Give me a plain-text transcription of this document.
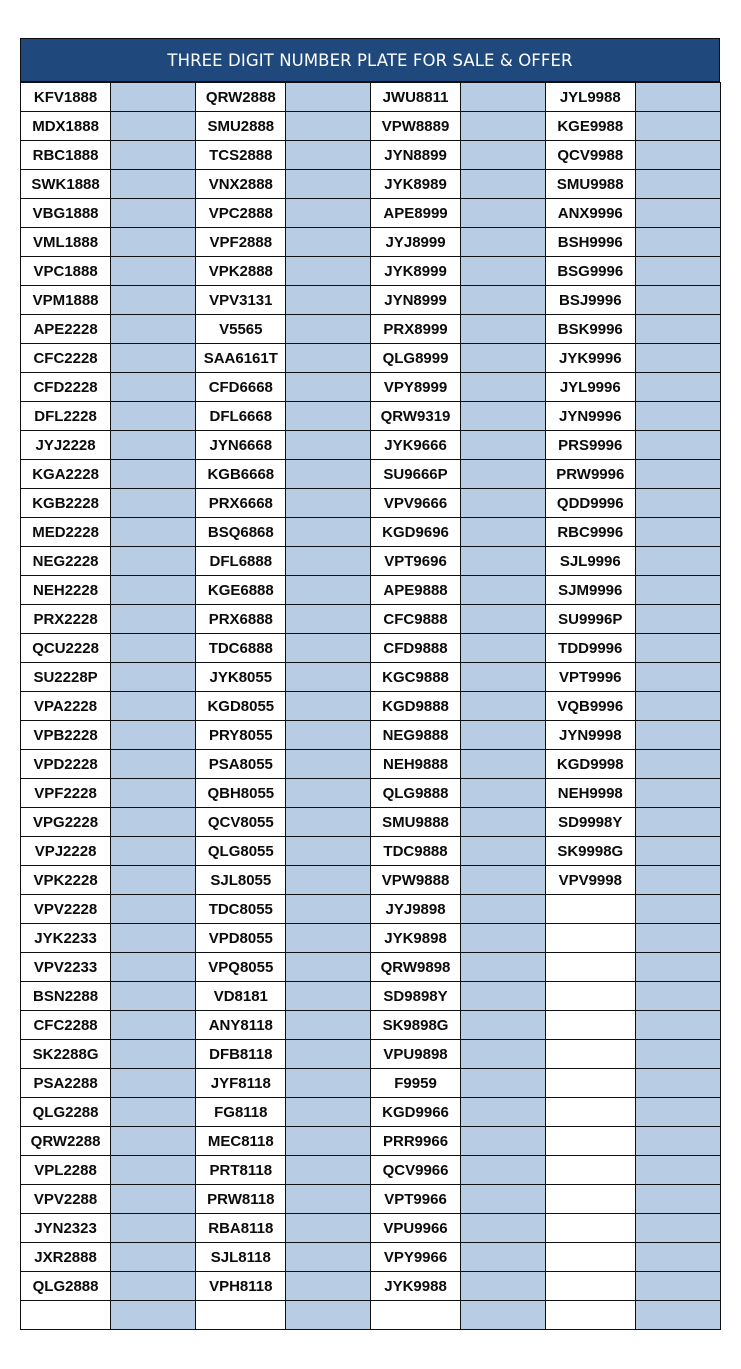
THREE DIGIT NUMBER PLATE FOR SALE & OFFER
KFV1888		QRW2888		JWU8811		JYL9988	
MDX1888		SMU2888		VPW8889		KGE9988	
RBC1888		TCS2888		JYN8899		QCV9988	
SWK1888		VNX2888		JYK8989		SMU9988	
VBG1888		VPC2888		APE8999		ANX9996	
VML1888		VPF2888		JYJ8999		BSH9996	
VPC1888		VPK2888		JYK8999		BSG9996	
VPM1888		VPV3131		JYN8999		BSJ9996	
APE2228		V5565		PRX8999		BSK9996	
CFC2228		SAA6161T		QLG8999		JYK9996	
CFD2228		CFD6668		VPY8999		JYL9996	
DFL2228		DFL6668		QRW9319		JYN9996	
JYJ2228		JYN6668		JYK9666		PRS9996	
KGA2228		KGB6668		SU9666P		PRW9996	
KGB2228		PRX6668		VPV9666		QDD9996	
MED2228		BSQ6868		KGD9696		RBC9996	
NEG2228		DFL6888		VPT9696		SJL9996	
NEH2228		KGE6888		APE9888		SJM9996	
PRX2228		PRX6888		CFC9888		SU9996P	
QCU2228		TDC6888		CFD9888		TDD9996	
SU2228P		JYK8055		KGC9888		VPT9996	
VPA2228		KGD8055		KGD9888		VQB9996	
VPB2228		PRY8055		NEG9888		JYN9998	
VPD2228		PSA8055		NEH9888		KGD9998	
VPF2228		QBH8055		QLG9888		NEH9998	
VPG2228		QCV8055		SMU9888		SD9998Y	
VPJ2228		QLG8055		TDC9888		SK9998G	
VPK2228		SJL8055		VPW9888		VPV9998	
VPV2228		TDC8055		JYJ9898			
JYK2233		VPD8055		JYK9898			
VPV2233		VPQ8055		QRW9898			
BSN2288		VD8181		SD9898Y			
CFC2288		ANY8118		SK9898G			
SK2288G		DFB8118		VPU9898			
PSA2288		JYF8118		F9959			
QLG2288		FG8118		KGD9966			
QRW2288		MEC8118		PRR9966			
VPL2288		PRT8118		QCV9966			
VPV2288		PRW8118		VPT9966			
JYN2323		RBA8118		VPU9966			
JXR2888		SJL8118		VPY9966			
QLG2888		VPH8118		JYK9988			
